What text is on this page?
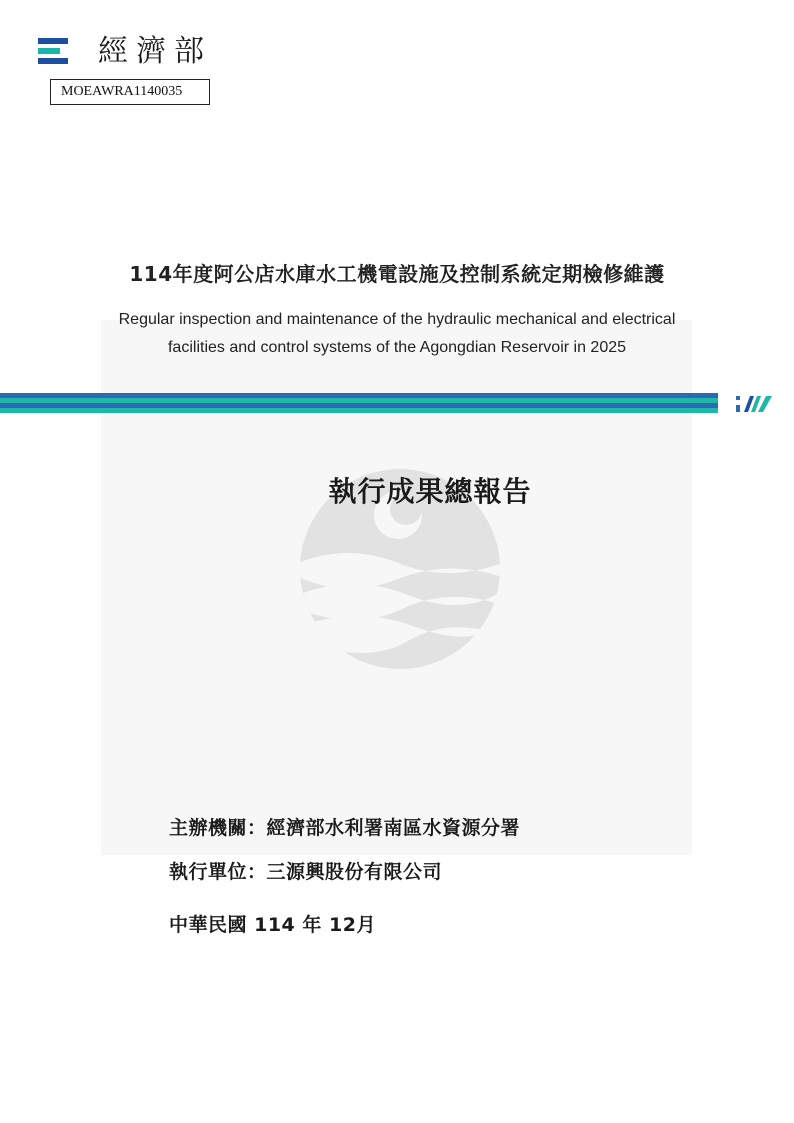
經濟部
MOEAWRA1140035
114年度阿公店水庫水工機電設施及控制系統定期檢修維護
Regular inspection and maintenance of the hydraulic mechanical and electrical
facilities and control systems of the Agongdian Reservoir in 2025
執行成果總報告
主辦機關：經濟部水利署南區水資源分署
執行單位：三源興股份有限公司
中華民國 114 年 12月
